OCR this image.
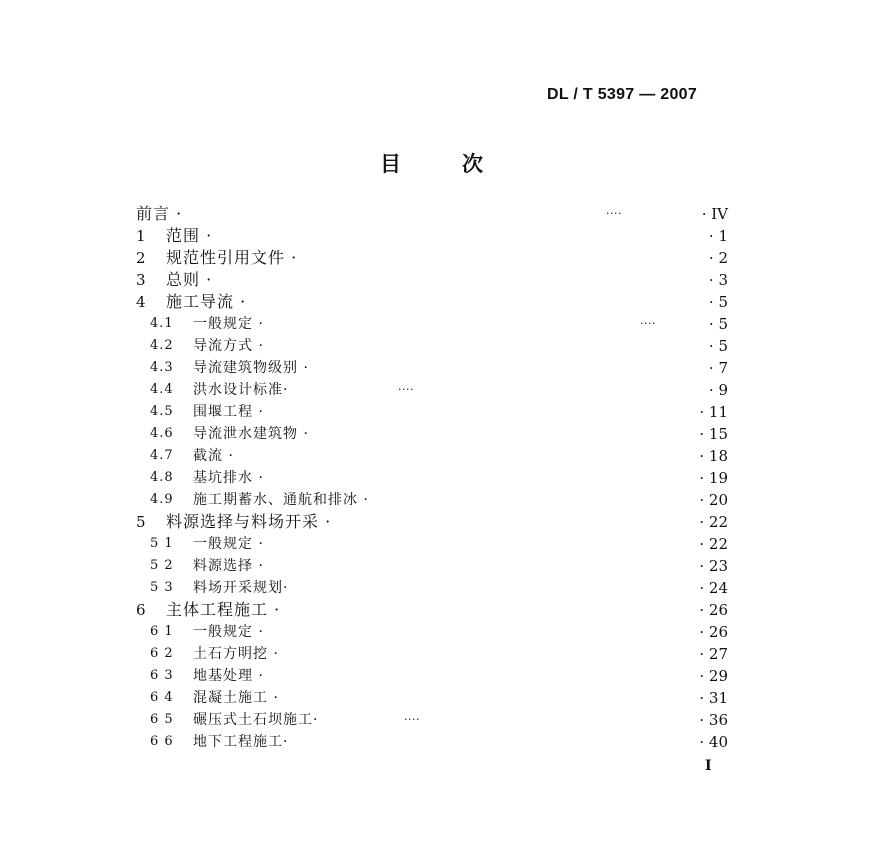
DL / T 5397 — 2007
目	次
前言 ·	····	· IV
1 范围 ·	· 1
2 规范性引用文件 ·	· 2
3 总则 ·	· 3
4 施工导流 ·	· 5
4.1 一般规定 ·	····	· 5
4.2 导流方式 ·	· 5
4.3 导流建筑物级别 ·	· 7
4.4 洪水设计标准·	····	· 9
4.5 围堰工程 ·	· 11
4.6 导流泄水建筑物 ·	· 15
4.7 截流 ·	· 18
4.8 基坑排水 ·	· 19
4.9 施工期蓄水、通航和排冰 ·	· 20
5 料源选择与料场开采 ·	· 22
5 1 一般规定 ·	· 22
5 2 料源选择 ·	· 23
5 3 料场开采规划·	· 24
6 主体工程施工 ·	· 26
6 1 一般规定 ·	· 26
6 2 土石方明挖 ·	· 27
6 3 地基处理 ·	· 29
6 4 混凝土施工 ·	· 31
6 5 碾压式土石坝施工·	····	· 36
6 6 地下工程施工·	· 40
I
